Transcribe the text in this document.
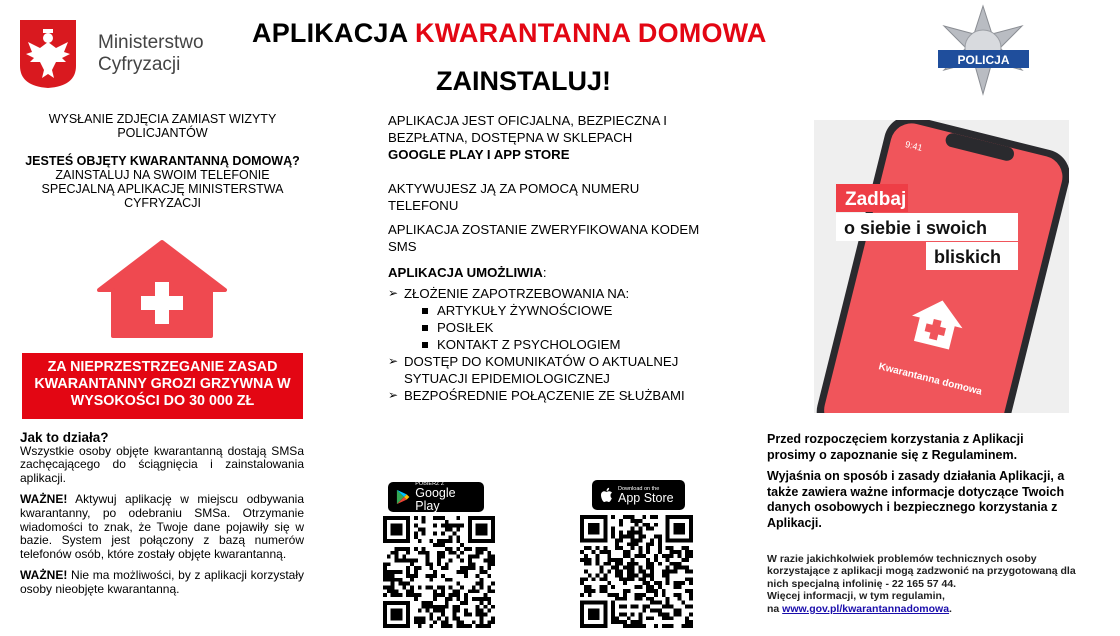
Ministerstwo
Cyfryzacji
APLIKACJA KWARANTANNA DOMOWA
ZAINSTALUJ!
POLICJA
WYSŁANIE ZDJĘCIA ZAMIAST WIZYTY POLICJANTÓW
JESTEŚ OBJĘTY KWARANTANNĄ DOMOWĄ?
ZAINSTALUJ NA SWOIM TELEFONIE SPECJALNĄ APLIKACJĘ MINISTERSTWA CYFRYZACJI
ZA NIEPRZESTRZEGANIE ZASAD KWARANTANNY GROZI GRZYWNA W WYSOKOŚCI DO 30 000 ZŁ
Jak to działa?
Wszystkie osoby objęte kwarantanną dostają SMSa zachęcającego do ściągnięcia i zainstalowania aplikacji.
WAŻNE! Aktywuj aplikację w miejscu odbywania kwarantanny, po odebraniu SMSa. Otrzymanie wiadomości to znak, że Twoje dane pojawiły się w bazie. System jest połączony z bazą numerów telefonów osób, które zostały objęte kwarantanną.
WAŻNE! Nie ma możliwości, by z aplikacji korzystały osoby nieobjęte kwarantanną.

APLIKACJA JEST OFICJALNA, BEZPIECZNA I BEZPŁATNA, DOSTĘPNA W SKLEPACH

GOOGLE PLAY I APP STORE

AKTYWUJESZ JĄ ZA POMOCĄ NUMERU TELEFONU

APLIKACJA ZOSTANIE ZWERYFIKOWANA KODEM SMS

APLIKACJA UMOŻLIWIA:

➢ ZŁOŻENIE ZAPOTRZEBOWANIA NA:
ARTYKUŁY ŻYWNOŚCIOWE
POSIŁEK
KONTAKT Z PSYCHOLOGIEM
➢ DOSTĘP DO KOMUNIKATÓW O AKTUALNEJ SYTUACJI EPIDEMIOLOGICZNEJ
➢ BEZPOŚREDNIE POŁĄCZENIE ZE SŁUŻBAMI
POBIERZ Z
Google Play
Download on the
App Store
9:41
Kwarantanna domowa
Zadbaj
o siebie i swoich
bliskich

Przed rozpoczęciem korzystania z Aplikacji prosimy o zapoznanie się z Regulaminem.

Wyjaśnia on sposób i zasady działania Aplikacji, a także zawiera ważne informacje dotyczące Twoich danych osobowych i bezpiecznego korzystania z Aplikacji.

W razie jakichkolwiek problemów technicznych osoby korzystające z aplikacji mogą zadzwonić na przygotowaną dla nich specjalną infolinię - 22 165 57 44.
Więcej informacji, w tym regulamin,
na www.gov.pl/kwarantannadomowa.
